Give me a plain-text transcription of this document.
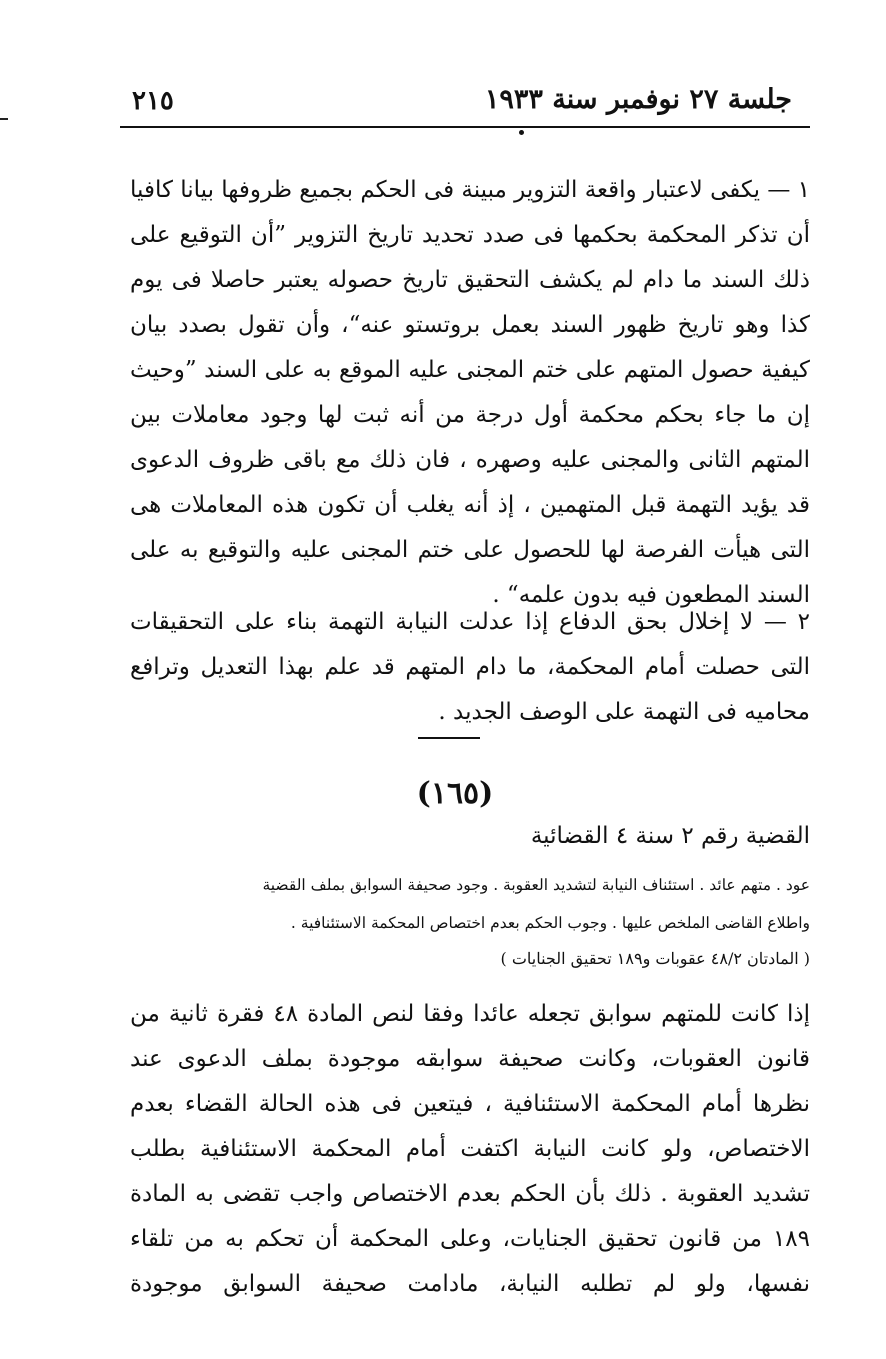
٢١٥	جلسة ٢٧ نوفمبر سنة ١٩٣٣

١ — يكفى لاعتبار واقعة التزوير مبينة فى الحكم بجميع ظروفها بيانا كافيا أن تذكر المحكمة بحكمها فى صدد تحديد تاريخ التزوير ”أن التوقيع على ذلك السند ما دام لم يكشف التحقيق تاريخ حصوله يعتبر حاصلا فى يوم كذا وهو تاريخ ظهور السند بعمل بروتستو عنه“، وأن تقول بصدد بيان كيفية حصول المتهم على ختم المجنى عليه الموقع به على السند ”وحيث إن ما جاء بحكم محكمة أول درجة من أنه ثبت لها وجود معاملات بين المتهم الثانى والمجنى عليه وصهره ، فان ذلك مع باقى ظروف الدعوى قد يؤيد التهمة قبل المتهمين ، إذ أنه يغلب أن تكون هذه المعاملات هى التى هيأت الفرصة لها للحصول على ختم المجنى عليه والتوقيع به على السند المطعون فيه بدون علمه“ .

٢ — لا إخلال بحق الدفاع إذا عدلت النيابة التهمة بناء على التحقيقات التى حصلت أمام المحكمة، ما دام المتهم قد علم بهذا التعديل وترافع محاميه فى التهمة على الوصف الجديد .

(١٦٥)
القضية رقم ٢ سنة ٤ القضائية
عود . متهم عائد . استئناف النيابة لتشديد العقوبة . وجود صحيفة السوابق بملف القضية
واطلاع القاضى الملخص عليها . وجوب الحكم بعدم اختصاص المحكمة الاستئنافية .
( المادتان ٤٨/٢ عقوبات و١٨٩ تحقيق الجنايات )

إذا كانت للمتهم سوابق تجعله عائدا وفقا لنص المادة ٤٨ فقرة ثانية من قانون العقوبات، وكانت صحيفة سوابقه موجودة بملف الدعوى عند نظرها أمام المحكمة الاستئنافية ، فيتعين فى هذه الحالة القضاء بعدم الاختصاص، ولو كانت النيابة اكتفت أمام المحكمة الاستئنافية بطلب تشديد العقوبة . ذلك بأن الحكم بعدم الاختصاص واجب تقضى به المادة ١٨٩ من قانون تحقيق الجنايات، وعلى المحكمة أن تحكم به من تلقاء نفسها، ولو لم تطلبه النيابة، مادامت صحيفة السوابق موجودة
